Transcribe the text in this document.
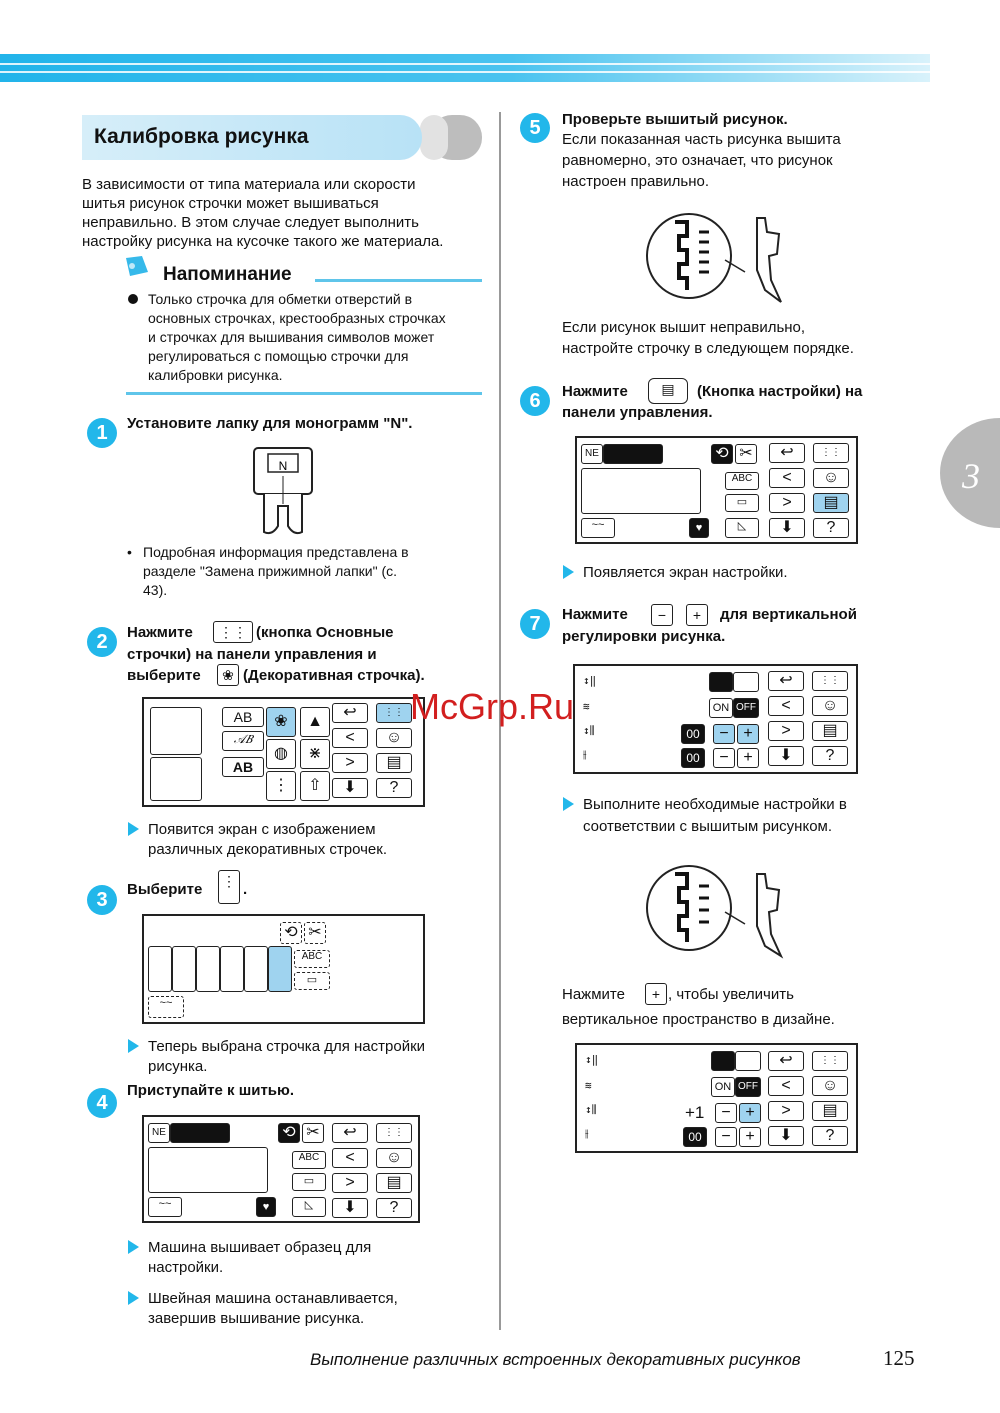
3
Калибровка рисунка
В зависимости от типа материала или скорости
шитья рисунок строчки может вышиваться
неправильно. В этом случае следует выполнить
настройку рисунка на кусочке такого же материала.
Напоминание
Только строчка для обметки отверстий в
основных строчках, крестообразных строчках
и строчках для вышивания символов может
регулироваться с помощью строчки для
калибровки рисунка.
1	Установите лапку для монограмм "N".
N
• Подробная информация представлена в
разделе "Замена прижимной лапки" (с.
43).
2	Нажмите	⋮⋮ (кнопка Основные
строчки) на панели управления и
выберите	❀ (Декоративная строчка).
AB
𝒜𝐵
AB
❀	▲
◍	⋇
⋮	⇧
↩	⋮⋮
<	☺
>	▤
⬇	?
Появится экран с изображением
различных декоративных строчек.
3	Выберите ⋮ .
⟲ ✂
ABC
▭
~~
Теперь выбрана строчка для настройки
рисунка.
4
Приступайте к шитью.
NE	⟲ ✂
ABC
▭
~~	♥	◺
↩	⋮⋮
<	☺
>	▤
⬇	?
Машина вышивает образец для
настройки.
Швейная машина останавливается,
завершив вышивание рисунка.
5	Проверьте вышитый рисунок.
Если показанная часть рисунка вышита
равномерно, это означает, что рисунок
настроен правильно.
Если рисунок вышит неправильно,
настройте строчку в следующем порядке.
6	Нажмите	▤	(Кнопка настройки) на
панели управления.
NE	⟲ ✂
ABC
▭
~~	♥	◺
↩	⋮⋮
<	☺
>	▤
⬇	?
Появляется экран настройки.
7	Нажмите	−	+	для вертикальной
регулировки рисунка.
↕‖
≋
↕⫼
⫲
ON OFF
00	− +
00	− +
↩	⋮⋮
<	☺
>	▤
⬇	?
McGrp.Ru
Выполните необходимые настройки в
соответствии с вышитым рисунком.
Нажмите	+ , чтобы увеличить
вертикальное пространство в дизайне.
↕‖
≋
↕⫼
⫲
ON OFF
+1	− +
00	− +
↩	⋮⋮
<	☺
>	▤
⬇	?
Выполнение различных встроенных декоративных рисунков	125
